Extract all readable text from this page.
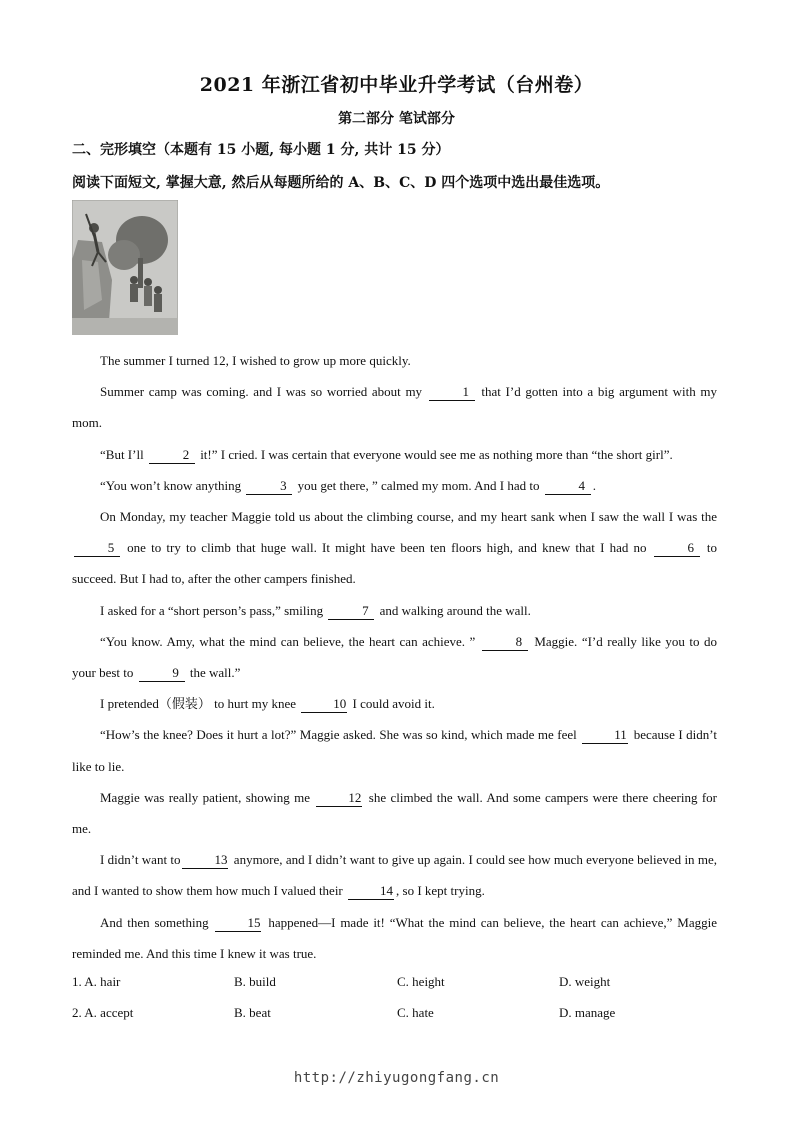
2021 年浙江省初中毕业升学考试（台州卷）
第二部分 笔试部分
二、完形填空（本题有 15 小题, 每小题 1 分, 共计 15 分）
阅读下面短文, 掌握大意, 然后从每题所给的 A、B、C、D 四个选项中选出最佳选项。

The summer I turned 12, I wished to grow up more quickly.

Summer camp was coming. and I was so worried about my	1 that I’d gotten into a big argument with my mom.

“But I’ll	2 it!” I cried. I was certain that everyone would see me as nothing more than “the short girl”.

“You won’t know anything	3 you get there, ” calmed my mom. And I had to	4 .

On Monday, my teacher Maggie told us about the climbing course, and my heart sank when I saw the wall I was the 5 one to try to climb that huge wall. It might have been ten floors high, and knew that I had no	6 to succeed. But I had to, after the other campers finished.

I asked for a “short person’s pass,” smiling	7 and walking around the wall.

“You know. Amy, what the mind can believe, the heart can achieve. ”	8 Maggie. “I’d really like you to do your best to	9 the wall.”

I pretended（假装） to hurt my knee	10 I could avoid it.

“How’s the knee? Does it hurt a lot?” Maggie asked. She was so kind, which made me feel	11 because I didn’t like to lie.

Maggie was really patient, showing me	12 she climbed the wall. And some campers were there cheering for me.

I didn’t want to	13 anymore, and I didn’t want to give up again. I could see how much everyone believed in me, and I wanted to show them how much I valued their	14 , so I kept trying.

And then something	15 happened—I made it! “What the mind can believe, the heart can achieve,” Maggie reminded me. And this time I knew it was true.

1. A. hair	B. build	C. height	D. weight
2. A. accept	B. beat	C. hate	D. manage
http://zhiyugongfang.cn
